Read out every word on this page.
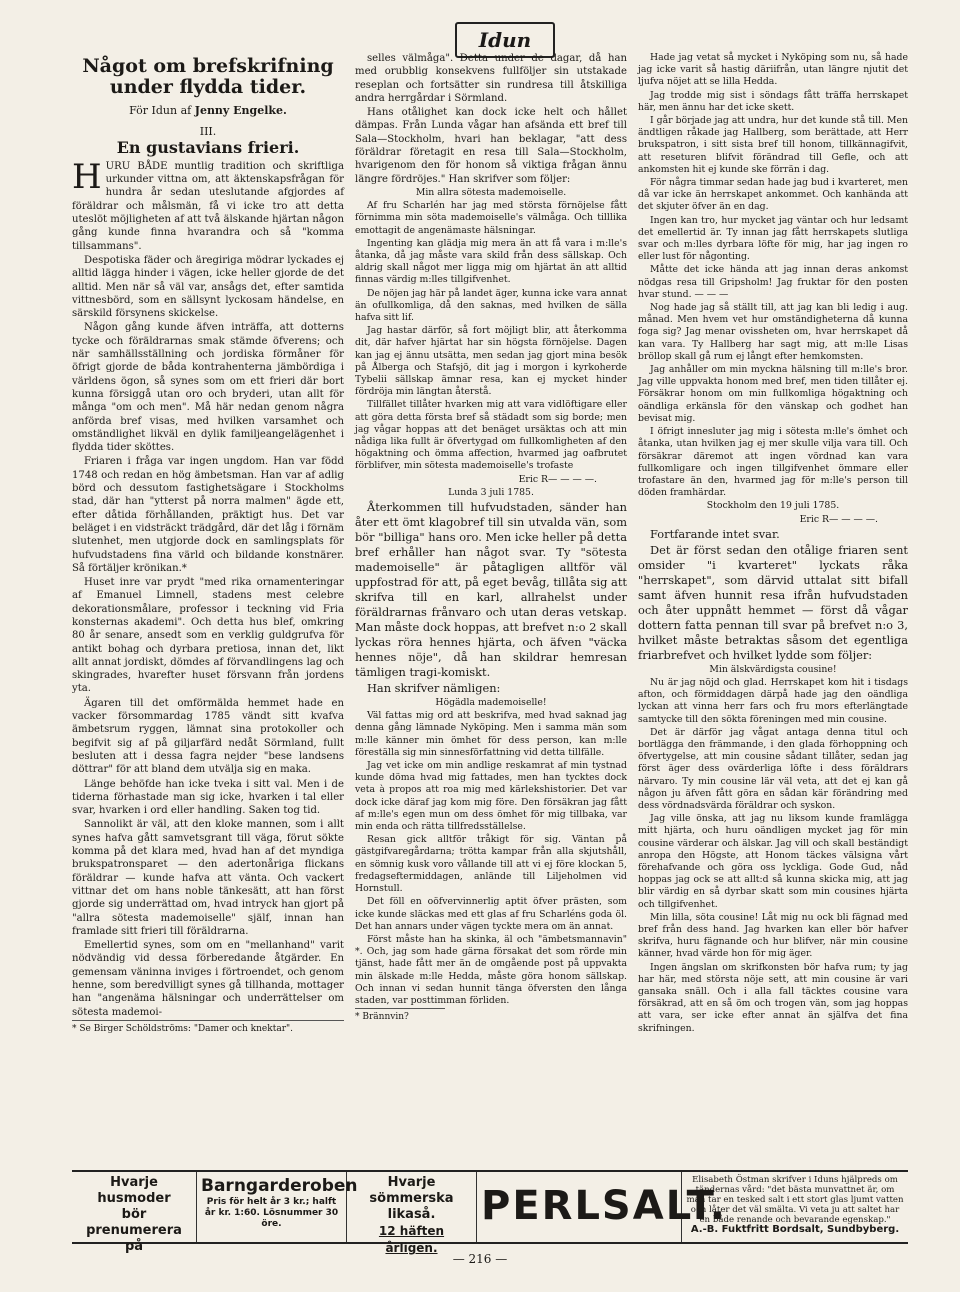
Idun
Något om brefskrifning under flydda tider.
För Idun af Jenny Engelke.
III.
En gustavians frieri.

HURU BÅDE muntlig tradition och skriftliga urkunder vittna om, att äktenskapsfrågan för hundra år sedan uteslutande afgjordes af föräldrar och målsmän, få vi icke tro att detta uteslöt möjligheten af att två älskande hjärtan någon gång kunde finna hvarandra och så "komma tillsammans".

Despotiska fäder och äregiriga mödrar lyckades ej alltid lägga hinder i vägen, icke heller gjorde de det alltid. Men när så väl var, ansågs det, efter samtida vittnesbörd, som en sällsynt lyckosam händelse, en särskild försynens skickelse.

Någon gång kunde äfven inträffa, att dotterns tycke och föräldrarnas smak stämde öfverens; och när samhällsställning och jordiska förmåner för öfrigt gjorde de båda kontrahenterna jämbördiga i världens ögon, så synes som om ett frieri där bort kunna försiggå utan oro och bryderi, utan allt för många "om och men". Må här nedan genom några anförda bref visas, med hvilken varsamhet och omständlighet likväl en dylik familjeangelägenhet i flydda tider sköttes.

Friaren i fråga var ingen ungdom. Han var född 1748 och redan en hög ämbetsman. Han var af adlig börd och dessutom fastighetsägare i Stockholms stad, där han "ytterst på norra malmen" ägde ett, efter dåtida förhållanden, präktigt hus. Det var beläget i en vidsträckt trädgård, där det låg i förnäm slutenhet, men utgjorde dock en samlingsplats för hufvudstadens fina värld och bildande konstnärer. Så förtäljer krönikan.*

Huset inre var prydt "med rika ornamenteringar af Emanuel Limnell, stadens mest celebre dekorationsmålare, professor i teckning vid Fria konsternas akademi". Och detta hus blef, omkring 80 år senare, ansedt som en verklig guldgrufva för antikt bohag och dyrbara pretiosa, innan det, likt allt annat jordiskt, dömdes af förvandlingens lag och skingrades, hvarefter huset försvann från jordens yta.

Ägaren till det omförmälda hemmet hade en vacker försommardag 1785 vändt sitt kvafva ämbetsrum ryggen, lämnat sina protokoller och begifvit sig af på giljarfärd nedåt Sörmland, fullt besluten att i dessa fagra nejder "bese landsens döttrar" för att bland dem utvälja sig en maka.

Länge behöfde han icke tveka i sitt val. Men i de tiderna förhastade man sig icke, hvarken i tal eller svar, hvarken i ord eller handling. Saken tog tid.

Sannolikt är väl, att den kloke mannen, som i allt synes hafva gått samvetsgrant till väga, förut sökte komma på det klara med, hvad han af det myndiga brukspatronsparet — den adertonåriga flickans föräldrar — kunde hafva att vänta. Och vackert vittnar det om hans noble tänkesätt, att han först gjorde sig underrättad om, hvad intryck han gjort på "allra sötesta mademoiselle" själf, innan han framlade sitt frieri till föräldrarna.

Emellertid synes, som om en "mellanhand" varit nödvändig vid dessa förberedande åtgärder. En gemensam väninna inviges i förtroendet, och genom henne, som beredvilligt synes gå tillhanda, mottager han "angenäma hälsningar och underrättelser om sötesta mademoi-

* Se Birger Schöldströms: "Damer och knektar".

selles välmåga". Detta under de dagar, då han med orubblig konsekvens fullföljer sin utstakade reseplan och fortsätter sin rundresa till åtskilliga andra herrgårdar i Sörmland.

Hans otålighet kan dock icke helt och hållet dämpas. Från Lunda vågar han afsända ett bref till Sala—Stockholm, hvari han beklagar, "att dess föräldrar företagit en resa till Sala—Stockholm, hvarigenom den för honom så viktiga frågan ännu längre fördröjes." Han skrifver som följer:

Min allra sötesta mademoiselle.

Af fru Scharlén har jag med största förnöjelse fått förnimma min söta mademoiselle's välmåga. Och tilllika emottagit de angenämaste hälsningar.

Ingenting kan glädja mig mera än att få vara i m:lle's åtanka, då jag måste vara skild från dess sällskap. Och aldrig skall något mer ligga mig om hjärtat än att alltid finnas värdig m:lles tillgifvenhet.

De nöjen jag här på landet äger, kunna icke vara annat än ofullkomliga, då den saknas, med hvilken de sälla hafva sitt lif.

Jag hastar därför, så fort möjligt blir, att återkomma dit, där hafver hjärtat har sin högsta förnöjelse. Dagen kan jag ej ännu utsätta, men sedan jag gjort mina besök på Ålberga och Stafsjö, dit jag i morgon i kyrkoherde Tybelii sällskap ämnar resa, kan ej mycket hinder fördröja min längtan återstå.

Tillfället tillåter hvarken mig att vara vidlöftigare eller att göra detta första bref så städadt som sig borde; men jag vågar hoppas att det benäget ursäktas och att min nådiga lika fullt är öfvertygad om fullkomligheten af den högaktning och ömma affection, hvarmed jag oafbrutet förblifver, min sötesta mademoiselle's trofaste

Eric R— — — —.

Lunda 3 juli 1785.

Återkommen till hufvudstaden, sänder han åter ett ömt klagobref till sin utvalda vän, som bör "billiga" hans oro. Men icke heller på detta bref erhåller han något svar. Ty "sötesta mademoiselle" är påtagligen alltför väl uppfostrad för att, på eget bevåg, tillåta sig att skrifva till en karl, allrahelst under föräldrarnas frånvaro och utan deras vetskap. Man måste dock hoppas, att brefvet n:o 2 skall lyckas röra hennes hjärta, och äfven "väcka hennes nöje", då han skildrar hemresan tämligen tragi-komiskt.

Han skrifver nämligen:

Högädla mademoiselle!

Väl fattas mig ord att beskrifva, med hvad saknad jag denna gång lämnade Nyköping. Men i samma män som m:lle känner min ömhet för dess person, kan m:lle föreställa sig min sinnesförfattning vid detta tillfälle.

Jag vet icke om min andlige reskamrat af min tystnad kunde döma hvad mig fattades, men han tycktes dock veta à propos att roa mig med kärlekshistorier. Det var dock icke däraf jag kom mig före. Den försäkran jag fått af m:lle's egen mun om dess ömhet för mig tillbaka, var min enda och rätta tillfredsställelse.

Resan gick alltför tråkigt för sig. Väntan på gästgifvaregårdarna; trötta kampar från alla skjutshåll, en sömnig kusk voro vållande till att vi ej före klockan 5, fredagseftermiddagen, anlände till Liljeholmen vid Hornstull.

Det föll en oöfvervinnerlig aptit öfver prästen, som icke kunde släckas med ett glas af fru Scharléns goda öl. Det han annars under vägen tyckte mera om än annat.

Först måste han ha skinka, äl och "ämbetsmannavin" *. Och, jag som hade gärna försakat det som rörde min tjänst, hade fått mer än de omgående post på uppvakta min älskade m:lle Hedda, måste göra honom sällskap. Och innan vi sedan hunnit tänga öfversten den långa staden, var posttimman förliden.

* Brännvin?

Hade jag vetat så mycket i Nyköping som nu, så hade jag icke varit så hastig däriifrån, utan längre njutit det ljufva nöjet att se lilla Hedda.

Jag trodde mig sist i söndags fått träffa herrskapet här, men ännu har det icke skett.

I går började jag att undra, hur det kunde stå till. Men ändtligen råkade jag Hallberg, som berättade, att Herr brukspatron, i sitt sista bref till honom, tillkännagifvit, att reseturen blifvit förändrad till Gefle, och att ankomsten hit ej kunde ske förrän i dag.

För några timmar sedan hade jag bud i kvarteret, men då var icke än herrskapet ankommet. Och kanhända att det skjuter öfver än en dag.

Ingen kan tro, hur mycket jag väntar och hur ledsamt det emellertid är. Ty innan jag fått herrskapets slutliga svar och m:lles dyrbara löfte för mig, har jag ingen ro eller lust för någonting.

Måtte det icke hända att jag innan deras ankomst nödgas resa till Gripsholm! Jag fruktar för den posten hvar stund. — — —

Nog hade jag så ställt till, att jag kan bli ledig i aug. månad. Men hvem vet hur omständigheterna då kunna foga sig? Jag menar ovissheten om, hvar herrskapet då kan vara. Ty Hallberg har sagt mig, att m:lle Lisas bröllop skall gå rum ej långt efter hemkomsten.

Jag anhåller om min myckna hälsning till m:lle's bror. Jag ville uppvakta honom med bref, men tiden tillåter ej. Försäkrar honom om min fullkomliga högaktning och oändliga erkänsla för den vänskap och godhet han bevisat mig.

I öfrigt innesluter jag mig i sötesta m:lle's ömhet och åtanka, utan hvilken jag ej mer skulle vilja vara till. Och försäkrar däremot att ingen vördnad kan vara fullkomligare och ingen tillgifvenhet ömmare eller trofastare än den, hvarmed jag för m:lle's person till döden framhärdar.

Stockholm den 19 juli 1785.

Eric R— — — —.

Fortfarande intet svar.

Det är först sedan den otålige friaren sent omsider "i kvarteret" lyckats råka "herrskapet", som därvid uttalat sitt bifall samt äfven hunnit resa ifrån hufvudstaden och åter uppnått hemmet — först då vågar dottern fatta pennan till svar på brefvet n:o 3, hvilket måste betraktas såsom det egentliga friarbrefvet och hvilket lydde som följer:

Min älskvärdigsta cousine!

Nu är jag nöjd och glad. Herrskapet kom hit i tisdags afton, och förmiddagen därpå hade jag den oändliga lyckan att vinna herr fars och fru mors efterlängtade samtycke till den sökta föreningen med min cousine.

Det är därför jag vågat antaga denna titul och bortlägga den främmande, i den glada förhoppning och öfvertygelse, att min cousine sådant tillåter, sedan jag först äger dess ovärderliga löfte i dess föräldrars närvaro. Ty min cousine lär väl veta, att det ej kan gå någon ju äfven fått göra en sådan kär förändring med dess vördnadsvärda föräldrar och syskon.

Jag ville önska, att jag nu liksom kunde framlägga mitt hjärta, och huru oändligen mycket jag för min cousine värderar och älskar. Jag vill och skall beständigt anropa den Högste, att Honom täckes välsigna vårt förehafvande och göra oss lyckliga. Gode Gud, nåd hoppas jag ock se att allt:d så kunna skicka mig, att jag blir värdig en så dyrbar skatt som min cousines hjärta och tillgifvenhet.

Min lilla, söta cousine! Låt mig nu ock bli fägnad med bref från dess hand. Jag hvarken kan eller bör hafver skrifva, huru fägnande och hur blifver, när min cousine känner, hvad värde hon för mig äger.

Ingen ängslan om skrifkonsten bör hafva rum; ty jag har här, med största nöje sett, att min cousine är vari gansaka snäll. Och i alla fall täcktes cousine vara försäkrad, att en så öm och trogen vän, som jag hoppas att vara, ser icke efter annat än själfva det fina skrifningen.

Hvarje husmoder
bör
prenumerera på
Barngarderoben
Pris för helt år 3 kr.; halft år kr. 1:60. Lösnummer 30 öre.
Hvarje sömmerska
likaså.
12 häften årligen.
PERLSALT.
Elisabeth Östman skrifver i Iduns hjälpreds om tändernas vård: "det bästa munvattnet är, om man tar en tesked salt i ett stort glas ljumt vatten och låter det väl smälta. Vi veta ju att saltet har en både renande och bevarande egenskap."
A.-B. Fuktfritt Bordsalt, Sundbyberg.
— 216 —
